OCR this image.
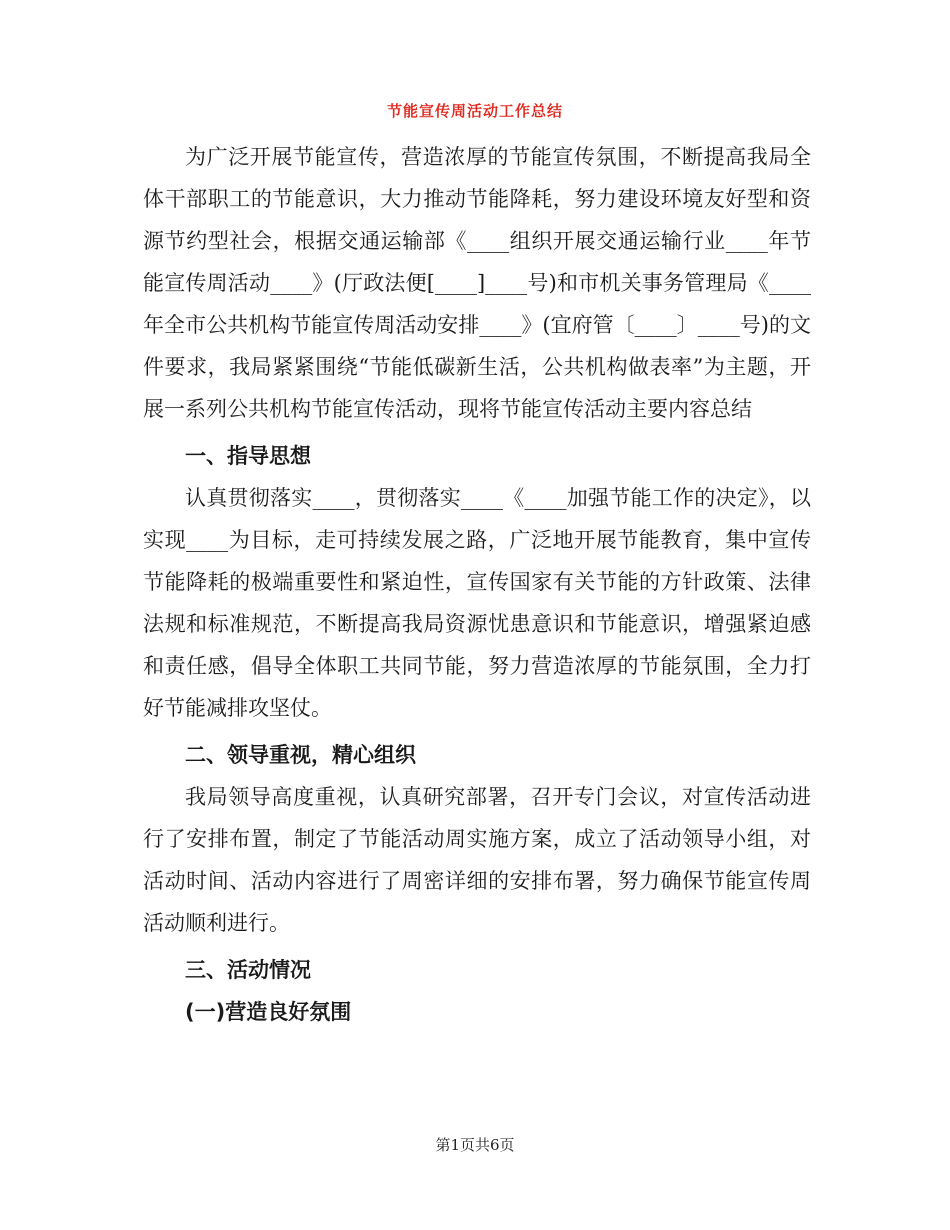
节能宣传周活动工作总结

为广泛开展节能宣传，营造浓厚的节能宣传氛围，不断提高我局全体干部职工的节能意识，大力推动节能降耗，努力建设环境友好型和资源节约型社会，根据交通运输部《____组织开展交通运输行业____年节能宣传周活动____》(厅政法便[____]____号)和市机关事务管理局《____年全市公共机构节能宣传周活动安排____》(宜府管〔____〕____号)的文件要求，我局紧紧围绕“节能低碳新生活，公共机构做表率”为主题，开展一系列公共机构节能宣传活动，现将节能宣传活动主要内容总结

一、指导思想

认真贯彻落实____，贯彻落实____《____加强节能工作的决定》，以实现____为目标，走可持续发展之路，广泛地开展节能教育，集中宣传节能降耗的极端重要性和紧迫性，宣传国家有关节能的方针政策、法律法规和标准规范，不断提高我局资源忧患意识和节能意识，增强紧迫感和责任感，倡导全体职工共同节能，努力营造浓厚的节能氛围，全力打好节能减排攻坚仗。

二、领导重视，精心组织

我局领导高度重视，认真研究部署，召开专门会议，对宣传活动进行了安排布置，制定了节能活动周实施方案，成立了活动领导小组，对活动时间、活动内容进行了周密详细的安排布署，努力确保节能宣传周活动顺利进行。

三、活动情况

(一)营造良好氛围

第1页共6页
